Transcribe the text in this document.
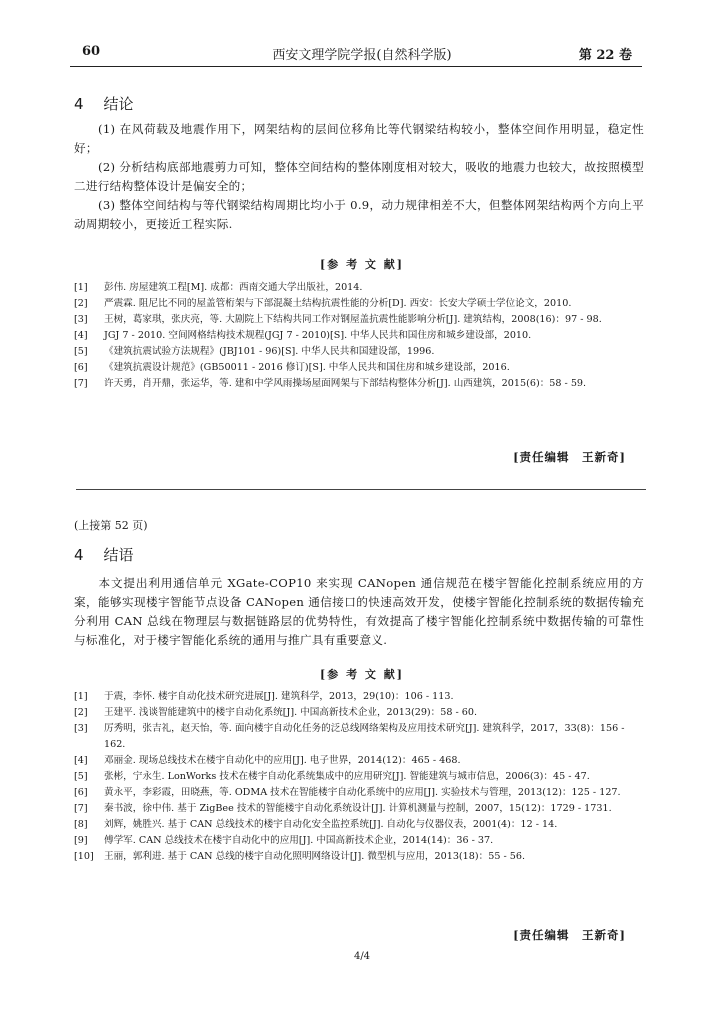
60	西安文理学院学报(自然科学版)	第 22 卷
4 结论
(1) 在风荷载及地震作用下，网架结构的层间位移角比等代钢梁结构较小，整体空间作用明显，稳定性好；
(2) 分析结构底部地震剪力可知，整体空间结构的整体刚度相对较大，吸收的地震力也较大，故按照模型二进行结构整体设计是偏安全的；
(3) 整体空间结构与等代钢梁结构周期比均小于 0.9，动力规律相差不大，但整体网架结构两个方向上平动周期较小，更接近工程实际.
[参 考 文 献]
[1]	彭伟. 房屋建筑工程[M]. 成都：西南交通大学出版社，2014.
[2]	严震霖. 阻尼比不同的屋盖管桁架与下部混凝土结构抗震性能的分析[D]. 西安：长安大学硕士学位论文，2010.
[3]	王树，葛家琪，张庆亮，等. 大剧院上下结构共同工作对钢屋盖抗震性能影响分析[J]. 建筑结构，2008(16)：97 - 98.
[4]	JGJ 7 - 2010. 空间网格结构技术规程(JGJ 7 - 2010)[S]. 中华人民共和国住房和城乡建设部，2010.
[5]	《建筑抗震试验方法规程》(JBJ101 - 96)[S]. 中华人民共和国建设部，1996.
[6]	《建筑抗震设计规范》(GB50011 - 2016 修订)[S]. 中华人民共和国住房和城乡建设部，2016.
[7]	许天勇，肖开鼎，张运华，等. 建和中学风雨操场屋面网架与下部结构整体分析[J]. 山西建筑，2015(6)：58 - 59.
[责任编辑　王新奇]
(上接第 52 页)
4 结语
本文提出利用通信单元 XGate-COP10 来实现 CANopen 通信规范在楼宇智能化控制系统应用的方案，能够实现楼宇智能节点设备 CANopen 通信接口的快速高效开发，使楼宇智能化控制系统的数据传输充分利用 CAN 总线在物理层与数据链路层的优势特性，有效提高了楼宇智能化控制系统中数据传输的可靠性与标准化，对于楼宇智能化系统的通用与推广具有重要意义.
[参 考 文 献]
[1]	于震，李怀. 楼宇自动化技术研究进展[J]. 建筑科学，2013，29(10)：106 - 113.
[2]	王建平. 浅谈智能建筑中的楼宇自动化系统[J]. 中国高新技术企业，2013(29)：58 - 60.
[3]	厉秀明，张吉礼，赵天怡，等. 面向楼宇自动化任务的泛总线网络架构及应用技术研究[J]. 建筑科学，2017，33(8)：156 - 162.
[4]	邓丽金. 现场总线技术在楼宇自动化中的应用[J]. 电子世界，2014(12)：465 - 468.
[5]	张彬，宁永生. LonWorks 技术在楼宇自动化系统集成中的应用研究[J]. 智能建筑与城市信息，2006(3)：45 - 47.
[6]	黄永平，李彩霞，田晓燕，等. ODMA 技术在智能楼宇自动化系统中的应用[J]. 实验技术与管理，2013(12)：125 - 127.
[7]	秦书波，徐中伟. 基于 ZigBee 技术的智能楼宇自动化系统设计[J]. 计算机测量与控制，2007，15(12)：1729 - 1731.
[8]	刘辉，姚胜兴. 基于 CAN 总线技术的楼宇自动化安全监控系统[J]. 自动化与仪器仪表，2001(4)：12 - 14.
[9]	傅学军. CAN 总线技术在楼宇自动化中的应用[J]. 中国高新技术企业，2014(14)：36 - 37.
[10]	王丽，郭利进. 基于 CAN 总线的楼宇自动化照明网络设计[J]. 微型机与应用，2013(18)：55 - 56.
[责任编辑　王新奇]
4/4
